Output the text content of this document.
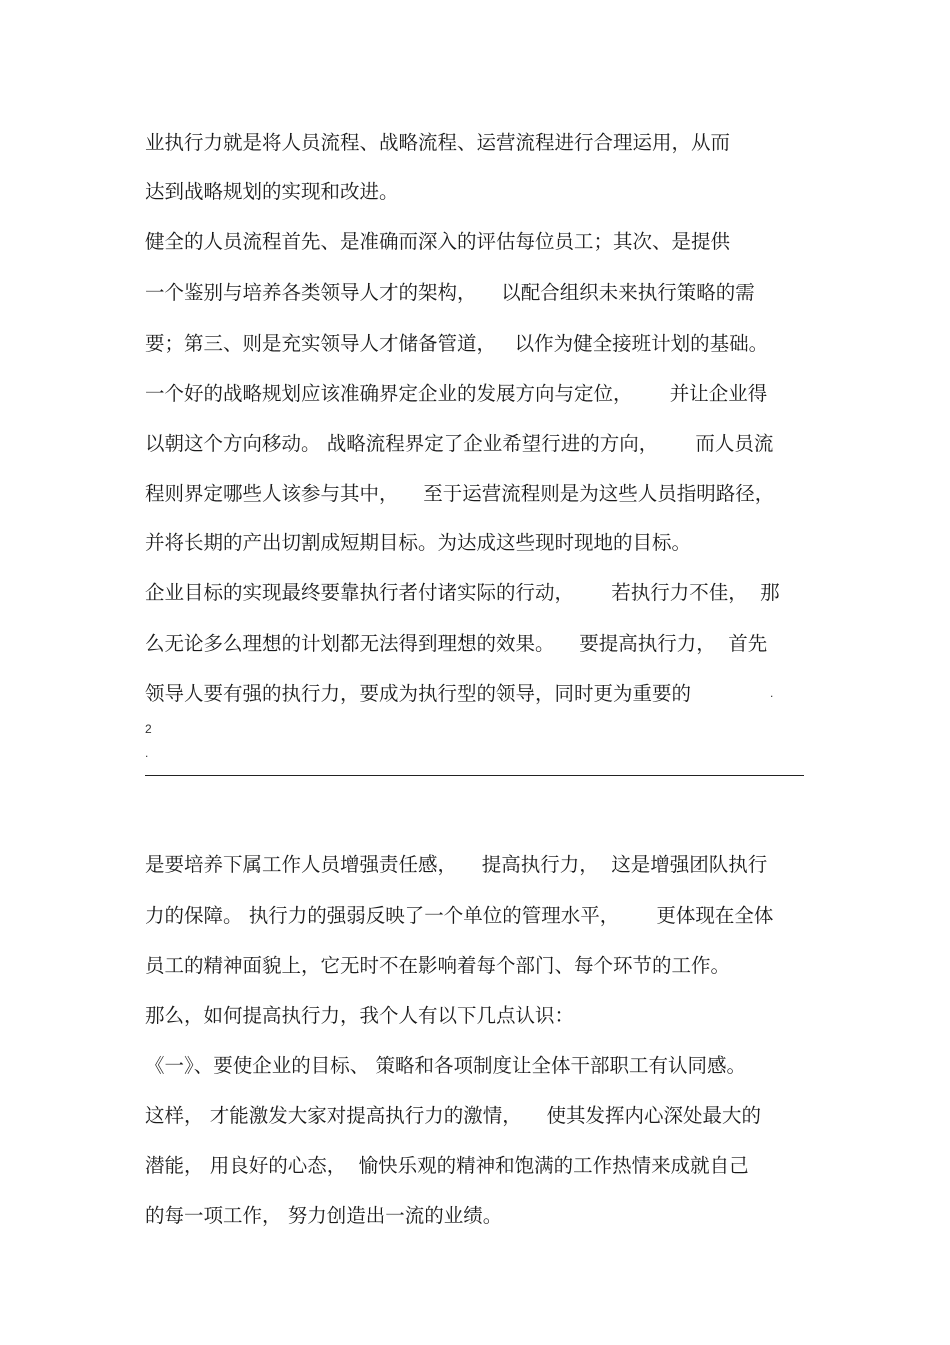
业执行力就是将人员流程、战略流程、运营流程进行合理运用，从而

达到战略规划的实现和改进。

健全的人员流程首先、是准确而深入的评估每位员工；其次、是提供

一个鉴别与培养各类领导人才的架构，    以配合组织未来执行策略的需

要；第三、则是充实领导人才储备管道，   以作为健全接班计划的基础。

一个好的战略规划应该准确界定企业的发展方向与定位，      并让企业得

以朝这个方向移动。 战略流程界定了企业希望行进的方向，      而人员流

程则界定哪些人该参与其中，    至于运营流程则是为这些人员指明路径，

并将长期的产出切割成短期目标。为达成这些现时现地的目标。

企业目标的实现最终要靠执行者付诸实际的行动，      若执行力不佳，  那

么无论多么理想的计划都无法得到理想的效果。    要提高执行力，  首先

领导人要有强的执行力，要成为执行型的领导，同时更为重要的	.
2
.

是要培养下属工作人员增强责任感，    提高执行力，  这是增强团队执行

力的保障。 执行力的强弱反映了一个单位的管理水平，      更体现在全体

员工的精神面貌上，它无时不在影响着每个部门、每个环节的工作。

那么，如何提高执行力，我个人有以下几点认识：

《一》、要使企业的目标、 策略和各项制度让全体干部职工有认同感。

这样， 才能激发大家对提高执行力的激情，    使其发挥内心深处最大的

潜能， 用良好的心态，  愉快乐观的精神和饱满的工作热情来成就自己

的每一项工作， 努力创造出一流的业绩。
